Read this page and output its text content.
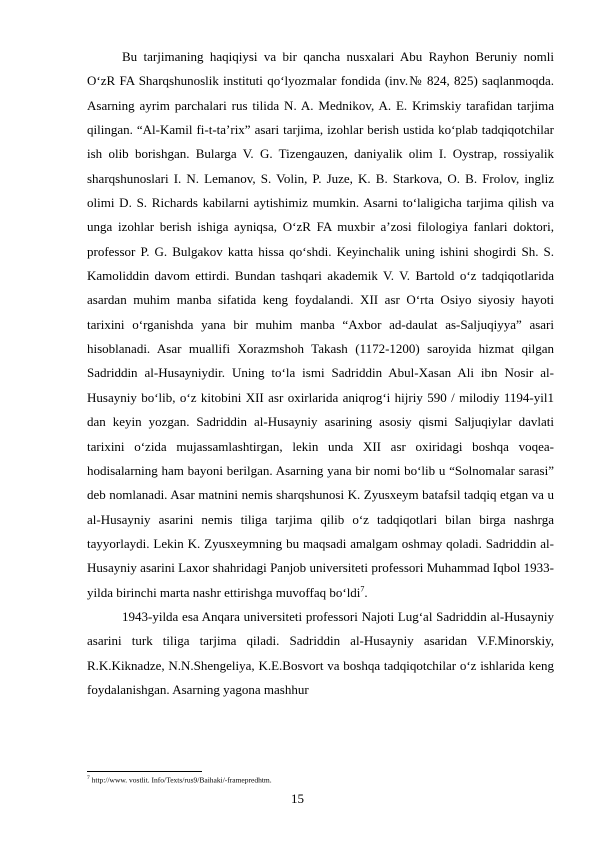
Bu tarjimaning haqiqiysi va bir qancha nusxalari Abu Rayhon Beruniy nomli O‘zR FA Sharqshunoslik instituti qo‘lyozmalar fondida (inv.№ 824, 825) saqlanmoqda. Asarning ayrim parchalari rus tilida N. A. Mednikov, A. E. Krimskiy tarafidan tarjima qilingan. “Al-Kamil fi-t-ta’rix” asari tarjima, izohlar berish ustida ko‘plab tadqiqotchilar ish olib borishgan. Bularga V. G. Tizengauzen, daniyalik olim I. Oystrap, rossiyalik sharqshunoslari I. N. Lemanov, S. Volin, P. Juze, K. B. Starkova, O. B. Frolov, ingliz olimi D. S. Richards kabilarni aytishimiz mumkin. Asarni to‘laligicha tarjima qilish va unga izohlar berish ishiga ayniqsa, O‘zR FA muxbir a’zosi filologiya fanlari doktori, professor P. G. Bulgakov katta hissa qo‘shdi. Keyinchalik uning ishini shogirdi Sh. S. Kamoliddin davom ettirdi. Bundan tashqari akademik V. V. Bartold o‘z tadqiqotlarida asardan muhim manba sifatida keng foydalandi. XII asr O‘rta Osiyo siyosiy hayoti tarixini o‘rganishda yana bir muhim manba “Axbor ad-daulat as-Saljuqiyya” asari hisoblanadi. Asar muallifi Xorazmshoh Takash (1172-1200) saroyida hizmat qilgan Sadriddin al-Husayniydir. Uning to‘la ismi Sadriddin Abul-Xasan Ali ibn Nosir al-Husayniy bo‘lib, o‘z kitobini XII asr oxirlarida aniqrog‘i hijriy 590 / milodiy 1194-yil1 dan keyin yozgan. Sadriddin al-Husayniy asarining asosiy qismi Saljuqiylar davlati tarixini o‘zida mujassamlashtirgan, lekin unda XII asr oxiridagi boshqa voqea-hodisalarning ham bayoni berilgan. Asarning yana bir nomi bo‘lib u “Solnomalar sarasi” deb nomlanadi. Asar matnini nemis sharqshunosi K. Zyusxeym batafsil tadqiq etgan va u al-Husayniy asarini nemis tiliga tarjima qilib o‘z tadqiqotlari bilan birga nashrga tayyorlaydi. Lekin K. Zyusxeymning bu maqsadi amalgam oshmay qoladi. Sadriddin al-Husayniy asarini Laxor shahridagi Panjob universiteti professori Muhammad Iqbol 1933-yilda birinchi marta nashr ettirishga muvoffaq bo‘ldi$^7$.

1943-yilda esa Anqara universiteti professori Najoti Lug‘al Sadriddin al-Husayniy asarini turk tiliga tarjima qiladi. Sadriddin al-Husayniy asaridan V.F.Minorskiy, R.K.Kiknadze, N.N.Shengeliya, K.E.Bosvort va boshqa tadqiqotchilar o‘z ishlarida keng foydalanishgan. Asarning yagona mashhur

$^7$ http://www. vostlit. Info/Texts/rus9/Baihaki/-framepredhtm.
15
